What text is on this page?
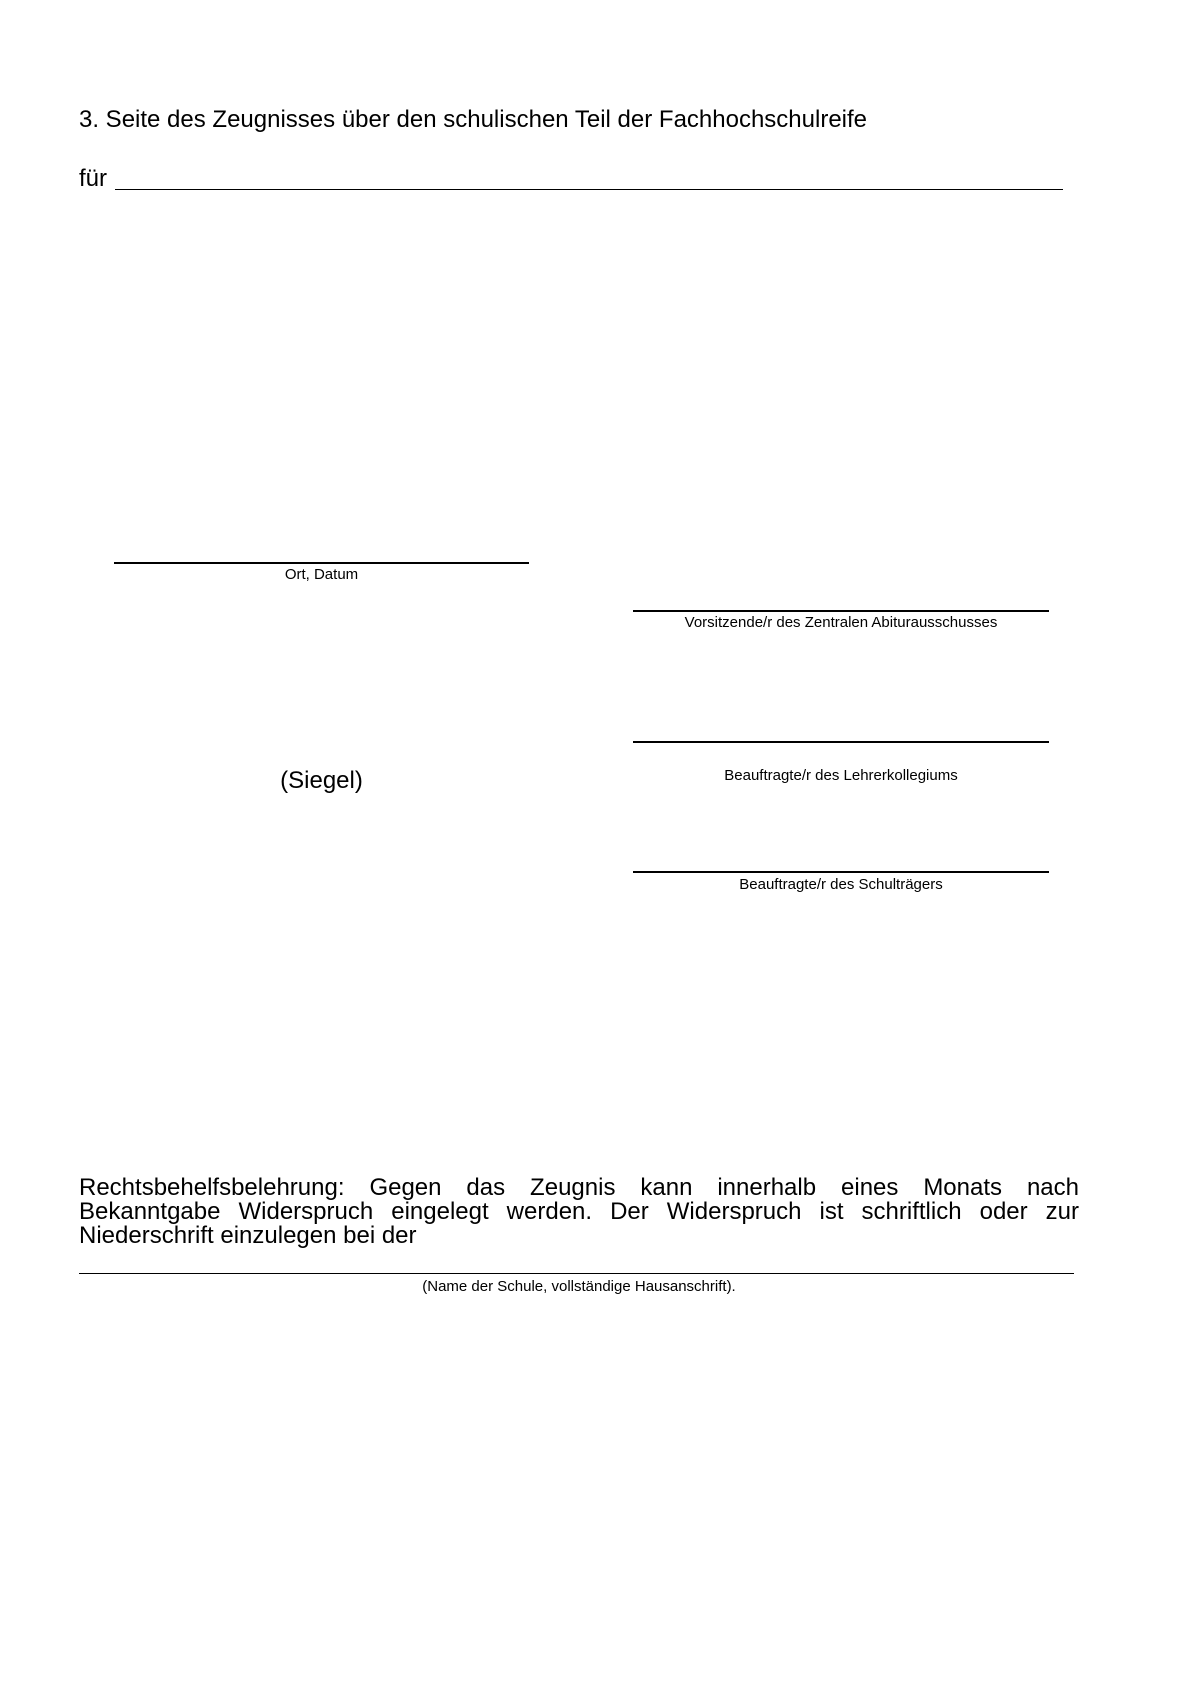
3. Seite des Zeugnisses über den schulischen Teil der Fachhochschulreife
für
Ort, Datum
Vorsitzende/r des Zentralen Abiturausschusses
(Siegel)	Beauftragte/r des Lehrerkollegiums
Beauftragte/r des Schulträgers
Rechtsbehelfsbelehrung: Gegen das Zeugnis kann innerhalb eines Monats nach Bekanntgabe Widerspruch eingelegt werden. Der Widerspruch ist schriftlich oder zur Niederschrift einzulegen bei der
(Name der Schule, vollständige Hausanschrift).
